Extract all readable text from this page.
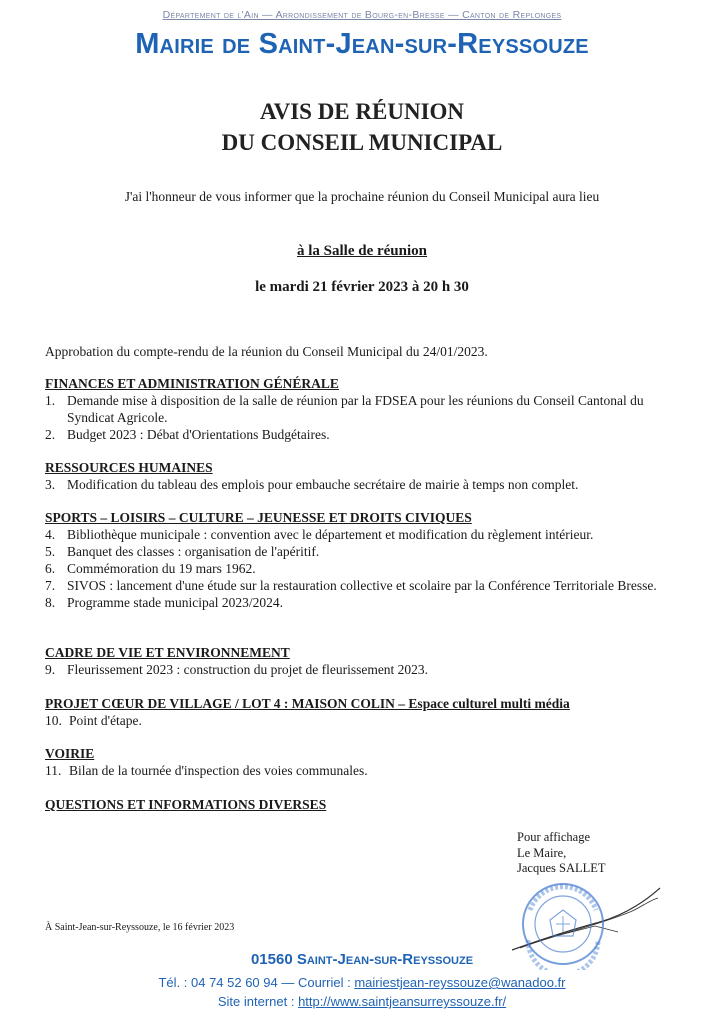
Département de l'Ain — Arrondissement de Bourg-en-Bresse — Canton de Replonges
Mairie de Saint-Jean-sur-Reyssouze
AVIS DE RÉUNION
DU CONSEIL MUNICIPAL
J'ai l'honneur de vous informer que la prochaine réunion du Conseil Municipal aura lieu
à la Salle de réunion
le mardi 21 février 2023 à 20 h 30
Approbation du compte-rendu de la réunion du Conseil Municipal du 24/01/2023.
FINANCES ET ADMINISTRATION GÉNÉRALE
1. Demande mise à disposition de la salle de réunion par la FDSEA pour les réunions du Conseil Cantonal du Syndicat Agricole.
2. Budget 2023 : Débat d'Orientations Budgétaires.
RESSOURCES HUMAINES
3. Modification du tableau des emplois pour embauche secrétaire de mairie à temps non complet.
SPORTS – LOISIRS – CULTURE – JEUNESSE ET DROITS CIVIQUES
4. Bibliothèque municipale : convention avec le département et modification du règlement intérieur.
5. Banquet des classes : organisation de l'apéritif.
6. Commémoration du 19 mars 1962.
7. SIVOS : lancement d'une étude sur la restauration collective et scolaire par la Conférence Territoriale Bresse.
8. Programme stade municipal 2023/2024.
CADRE DE VIE ET ENVIRONNEMENT
9. Fleurissement 2023 : construction du projet de fleurissement 2023.
PROJET CŒUR DE VILLAGE / LOT 4 : MAISON COLIN – Espace culturel multi média
10. Point d'étape.
VOIRIE
11. Bilan de la tournée d'inspection des voies communales.
QUESTIONS ET INFORMATIONS DIVERSES
Pour affichage
Le Maire,
Jacques SALLET
À Saint-Jean-sur-Reyssouze, le 16 février 2023
01560 Saint-Jean-sur-Reyssouze
Tél. : 04 74 52 60 94 — Courriel : mairiestjean-reyssouze@wanadoo.fr
Site internet : http://www.saintjeansurreyssouze.fr/
